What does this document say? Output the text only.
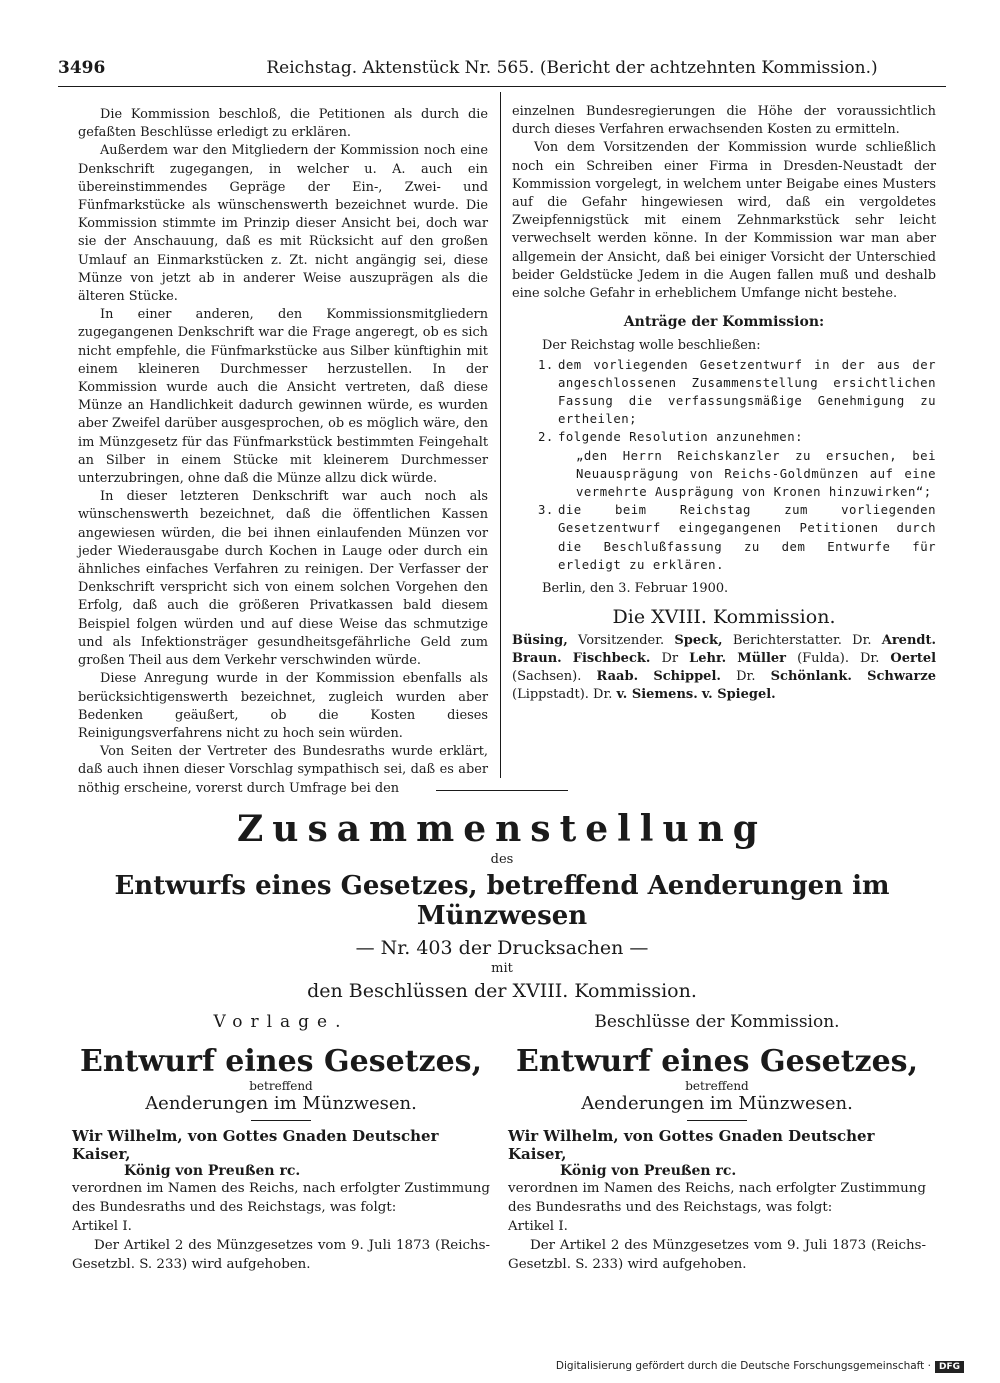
3496	Reichstag. Aktenstück Nr. 565. (Bericht der achtzehnten Kommission.)

Die Kommission beschloß, die Petitionen als durch die gefaßten Beschlüsse erledigt zu erklären.

Außerdem war den Mitgliedern der Kommission noch eine Denkschrift zugegangen, in welcher u. A. auch ein übereinstimmendes Gepräge der Ein-, Zwei- und Fünfmarkstücke als wünschenswerth bezeichnet wurde. Die Kommission stimmte im Prinzip dieser Ansicht bei, doch war sie der Anschauung, daß es mit Rücksicht auf den großen Umlauf an Einmarkstücken z. Zt. nicht angängig sei, diese Münze von jetzt ab in anderer Weise auszuprägen als die älteren Stücke.

In einer anderen, den Kommissionsmitgliedern zugegangenen Denkschrift war die Frage angeregt, ob es sich nicht empfehle, die Fünfmarkstücke aus Silber künftighin mit einem kleineren Durchmesser herzustellen. In der Kommission wurde auch die Ansicht vertreten, daß diese Münze an Handlichkeit dadurch gewinnen würde, es wurden aber Zweifel darüber ausgesprochen, ob es möglich wäre, den im Münzgesetz für das Fünfmarkstück bestimmten Feingehalt an Silber in einem Stücke mit kleinerem Durchmesser unterzubringen, ohne daß die Münze allzu dick würde.

In dieser letzteren Denkschrift war auch noch als wünschenswerth bezeichnet, daß die öffentlichen Kassen angewiesen würden, die bei ihnen einlaufenden Münzen vor jeder Wiederausgabe durch Kochen in Lauge oder durch ein ähnliches einfaches Verfahren zu reinigen. Der Verfasser der Denkschrift verspricht sich von einem solchen Vorgehen den Erfolg, daß auch die größeren Privatkassen bald diesem Beispiel folgen würden und auf diese Weise das schmutzige und als Infektionsträger gesundheitsgefährliche Geld zum großen Theil aus dem Verkehr verschwinden würde.

Diese Anregung wurde in der Kommission ebenfalls als berücksichtigenswerth bezeichnet, zugleich wurden aber Bedenken geäußert, ob die Kosten dieses Reinigungsverfahrens nicht zu hoch sein würden.

Von Seiten der Vertreter des Bundesraths wurde erklärt, daß auch ihnen dieser Vorschlag sympathisch sei, daß es aber nöthig erscheine, vorerst durch Umfrage bei den

einzelnen Bundesregierungen die Höhe der voraussichtlich durch dieses Verfahren erwachsenden Kosten zu ermitteln.

Von dem Vorsitzenden der Kommission wurde schließlich noch ein Schreiben einer Firma in Dresden-Neustadt der Kommission vorgelegt, in welchem unter Beigabe eines Musters auf die Gefahr hingewiesen wird, daß ein vergoldetes Zweipfennigstück mit einem Zehnmarkstück sehr leicht verwechselt werden könne. In der Kommission war man aber allgemein der Ansicht, daß bei einiger Vorsicht der Unterschied beider Geldstücke Jedem in die Augen fallen muß und deshalb eine solche Gefahr in erheblichem Umfange nicht bestehe.

Anträge der Kommission:

Der Reichstag wolle beschließen:

1. dem vorliegenden Gesetzentwurf in der aus der angeschlossenen Zusammenstellung ersichtlichen Fassung die verfassungsmäßige Genehmigung zu ertheilen;
2. folgende Resolution anzunehmen:
„den Herrn Reichskanzler zu ersuchen, bei Neuausprägung von Reichs-Goldmünzen auf eine vermehrte Ausprägung von Kronen hinzuwirken“;
3. die beim Reichstag zum vorliegenden Gesetzentwurf eingegangenen Petitionen durch die Beschlußfassung zu dem Entwurfe für erledigt zu erklären.

Berlin, den 3. Februar 1900.

Die XVIII. Kommission.
Büsing, Vorsitzender. Speck, Berichterstatter. Dr. Arendt. Braun. Fischbeck. Dr Lehr. Müller (Fulda). Dr. Oertel (Sachsen). Raab. Schippel. Dr. Schönlank. Schwarze (Lippstadt). Dr. v. Siemens. v. Spiegel.
Zusammenstellung
des
Entwurfs eines Gesetzes, betreffend Aenderungen im Münzwesen
— Nr. 403 der Drucksachen —
mit
den Beschlüssen der XVIII. Kommission.
Vorlage.
Entwurf eines Gesetzes,
betreffend
Aenderungen im Münzwesen.
Wir Wilhelm, von Gottes Gnaden Deutscher Kaiser,
König von Preußen rc.
verordnen im Namen des Reichs, nach erfolgter Zustimmung des Bundesraths und des Reichstags, was folgt:
Artikel I.
Der Artikel 2 des Münzgesetzes vom 9. Juli 1873 (Reichs-Gesetzbl. S. 233) wird aufgehoben.
Beschlüsse der Kommission.
Entwurf eines Gesetzes,
betreffend
Aenderungen im Münzwesen.
Wir Wilhelm, von Gottes Gnaden Deutscher Kaiser,
König von Preußen rc.
verordnen im Namen des Reichs, nach erfolgter Zustimmung des Bundesraths und des Reichstags, was folgt:
Artikel I.
Der Artikel 2 des Münzgesetzes vom 9. Juli 1873 (Reichs-Gesetzbl. S. 233) wird aufgehoben.
Digitalisierung gefördert durch die Deutsche Forschungsgemeinschaft · DFG
